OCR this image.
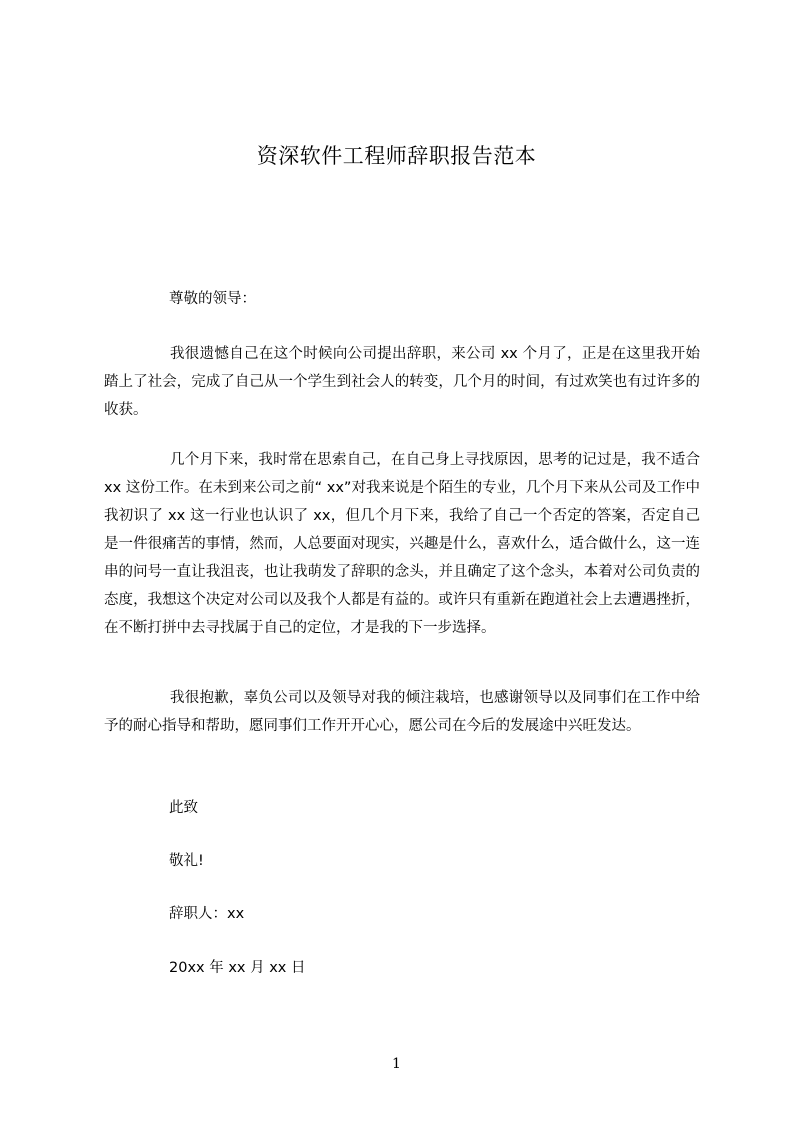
资深软件工程师辞职报告范本
尊敬的领导：

我很遗憾自己在这个时候向公司提出辞职，来公司 xx 个月了，正是在这里我开始踏上了社会，完成了自己从一个学生到社会人的转变，几个月的时间，有过欢笑也有过许多的收获。

几个月下来，我时常在思索自己，在自己身上寻找原因，思考的记过是，我不适合 xx 这份工作。在未到来公司之前“ xx”对我来说是个陌生的专业，几个月下来从公司及工作中我初识了 xx 这一行业也认识了 xx，但几个月下来，我给了自己一个否定的答案，否定自己是一件很痛苦的事情，然而，人总要面对现实，兴趣是什么，喜欢什么，适合做什么，这一连串的问号一直让我沮丧，也让我萌发了辞职的念头，并且确定了这个念头，本着对公司负责的态度，我想这个决定对公司以及我个人都是有益的。或许只有重新在跑道社会上去遭遇挫折，在不断打拼中去寻找属于自己的定位，才是我的下一步选择。

我很抱歉，辜负公司以及领导对我的倾注栽培，也感谢领导以及同事们在工作中给予的耐心指导和帮助，愿同事们工作开开心心，愿公司在今后的发展途中兴旺发达。

此致
敬礼!
辞职人：xx
20xx 年 xx 月 xx 日
1
